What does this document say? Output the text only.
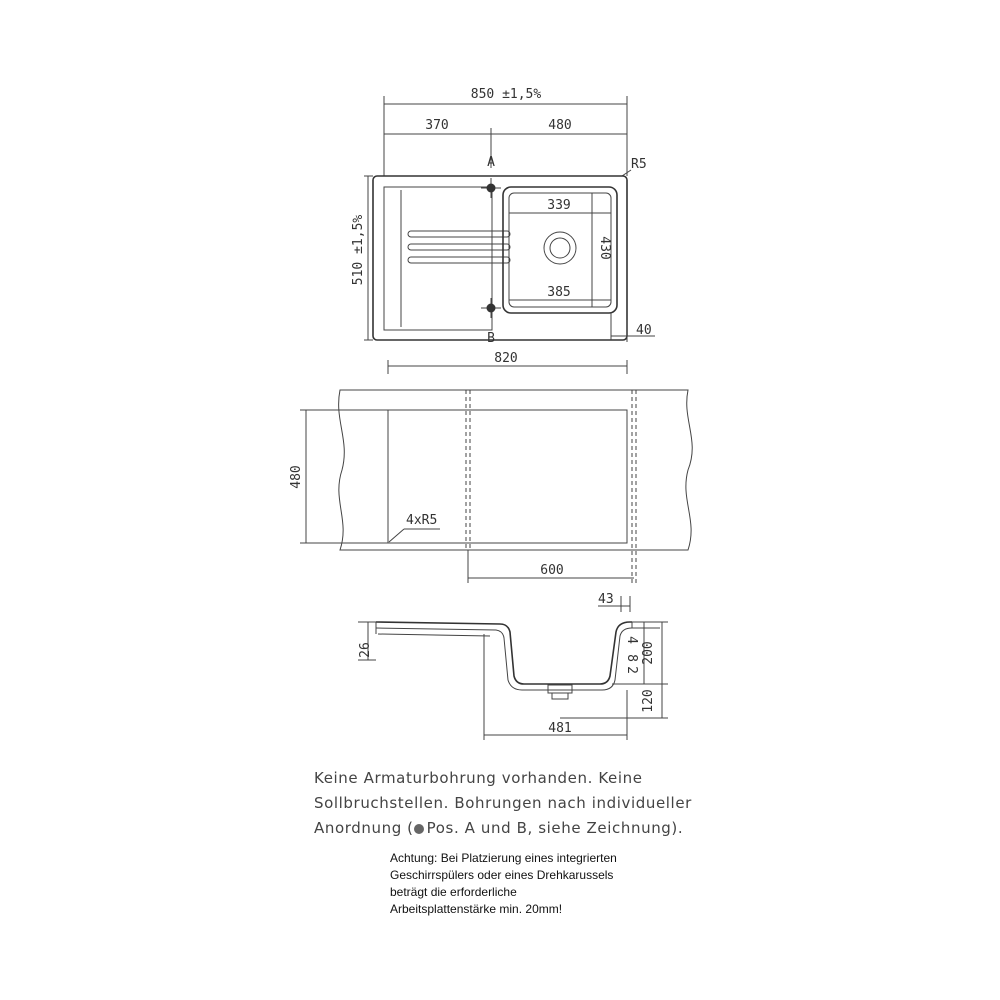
850 ±1,5%
370	480
A	R5
339
385
430
B
510 ±1,5%
40
820
4xR5
480
600
43
26
4
8
2
200
120
481
Keine Armaturbohrung vorhanden. Keine
Sollbruchstellen. Bohrungen nach individueller
Anordnung ( Pos. A und B, siehe Zeichnung).
Achtung: Bei Platzierung eines integrierten
Geschirrspülers oder eines Drehkarussels
beträgt die erforderliche
Arbeitsplattenstärke min. 20mm!
